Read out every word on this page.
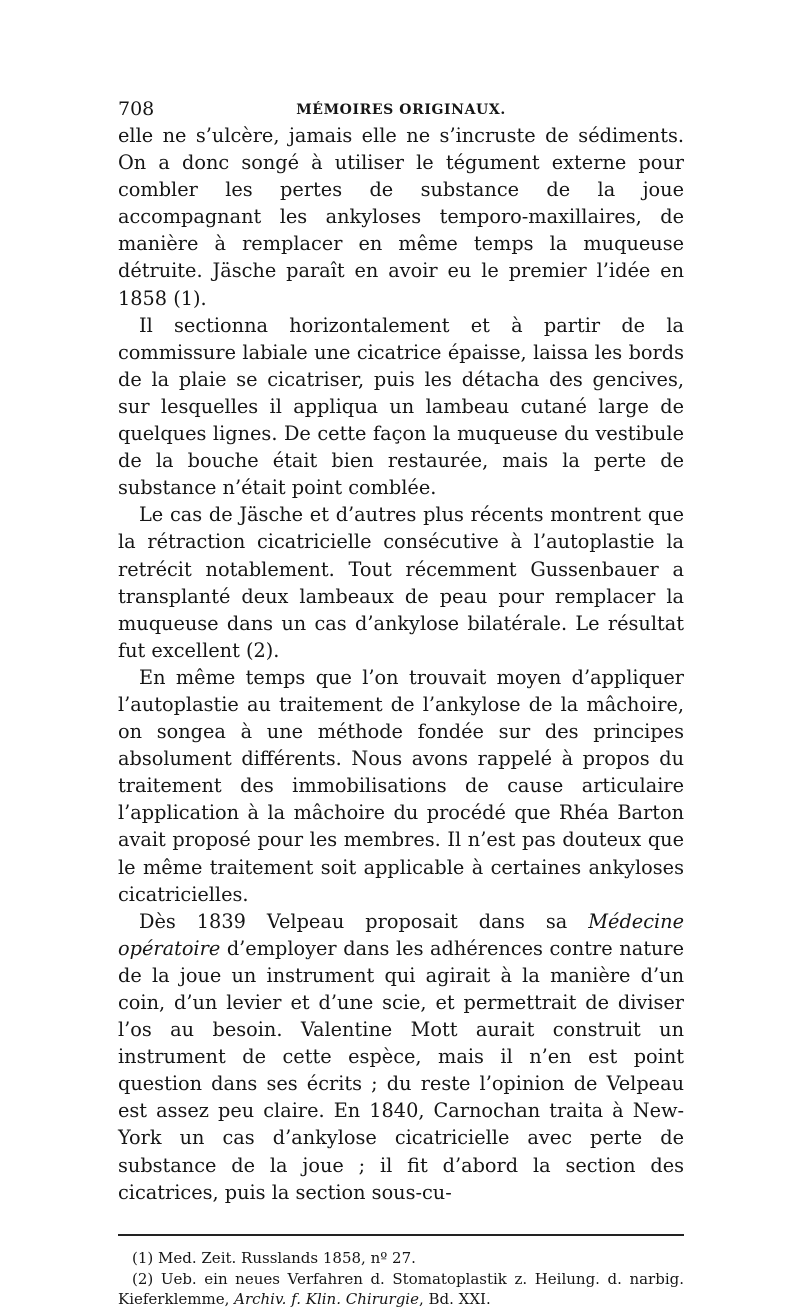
708	MÉMOIRES ORIGINAUX.

elle ne s’ulcère, jamais elle ne s’incruste de sédiments. On a donc songé à utiliser le tégument externe pour combler les pertes de substance de la joue accompagnant les ankyloses temporo-maxillaires, de manière à remplacer en même temps la muqueuse détruite. Jäsche paraît en avoir eu le premier l’idée en 1858 (1).

Il sectionna horizontalement et à partir de la commissure labiale une cicatrice épaisse, laissa les bords de la plaie se cicatriser, puis les détacha des gencives, sur lesquelles il appliqua un lambeau cutané large de quelques lignes. De cette façon la muqueuse du vestibule de la bouche était bien restaurée, mais la perte de substance n’était point comblée.

Le cas de Jäsche et d’autres plus récents montrent que la rétraction cicatricielle consécutive à l’autoplastie la retrécit notablement. Tout récemment Gussenbauer a transplanté deux lambeaux de peau pour remplacer la muqueuse dans un cas d’ankylose bilatérale. Le résultat fut excellent (2).

En même temps que l’on trouvait moyen d’appliquer l’autoplastie au traitement de l’ankylose de la mâchoire, on songea à une méthode fondée sur des principes absolument différents. Nous avons rappelé à propos du traitement des immobilisations de cause articulaire l’application à la mâchoire du procédé que Rhéa Barton avait proposé pour les membres. Il n’est pas douteux que le même traitement soit applicable à certaines ankyloses cicatricielles.

Dès 1839 Velpeau proposait dans sa Médecine opératoire d’employer dans les adhérences contre nature de la joue un instrument qui agirait à la manière d’un coin, d’un levier et d’une scie, et permettrait de diviser l’os au besoin. Valentine Mott aurait construit un instrument de cette espèce, mais il n’en est point question dans ses écrits ; du reste l’opinion de Velpeau est assez peu claire. En 1840, Carnochan traita à New-York un cas d’ankylose cicatricielle avec perte de substance de la joue ; il fit d’abord la section des cicatrices, puis la section sous-cu-

(1) Med. Zeit. Russlands 1858, nº 27.

(2) Ueb. ein neues Verfahren d. Stomatoplastik z. Heilung. d. narbig. Kieferklemme, Archiv. f. Klin. Chirurgie, Bd. XXI.
